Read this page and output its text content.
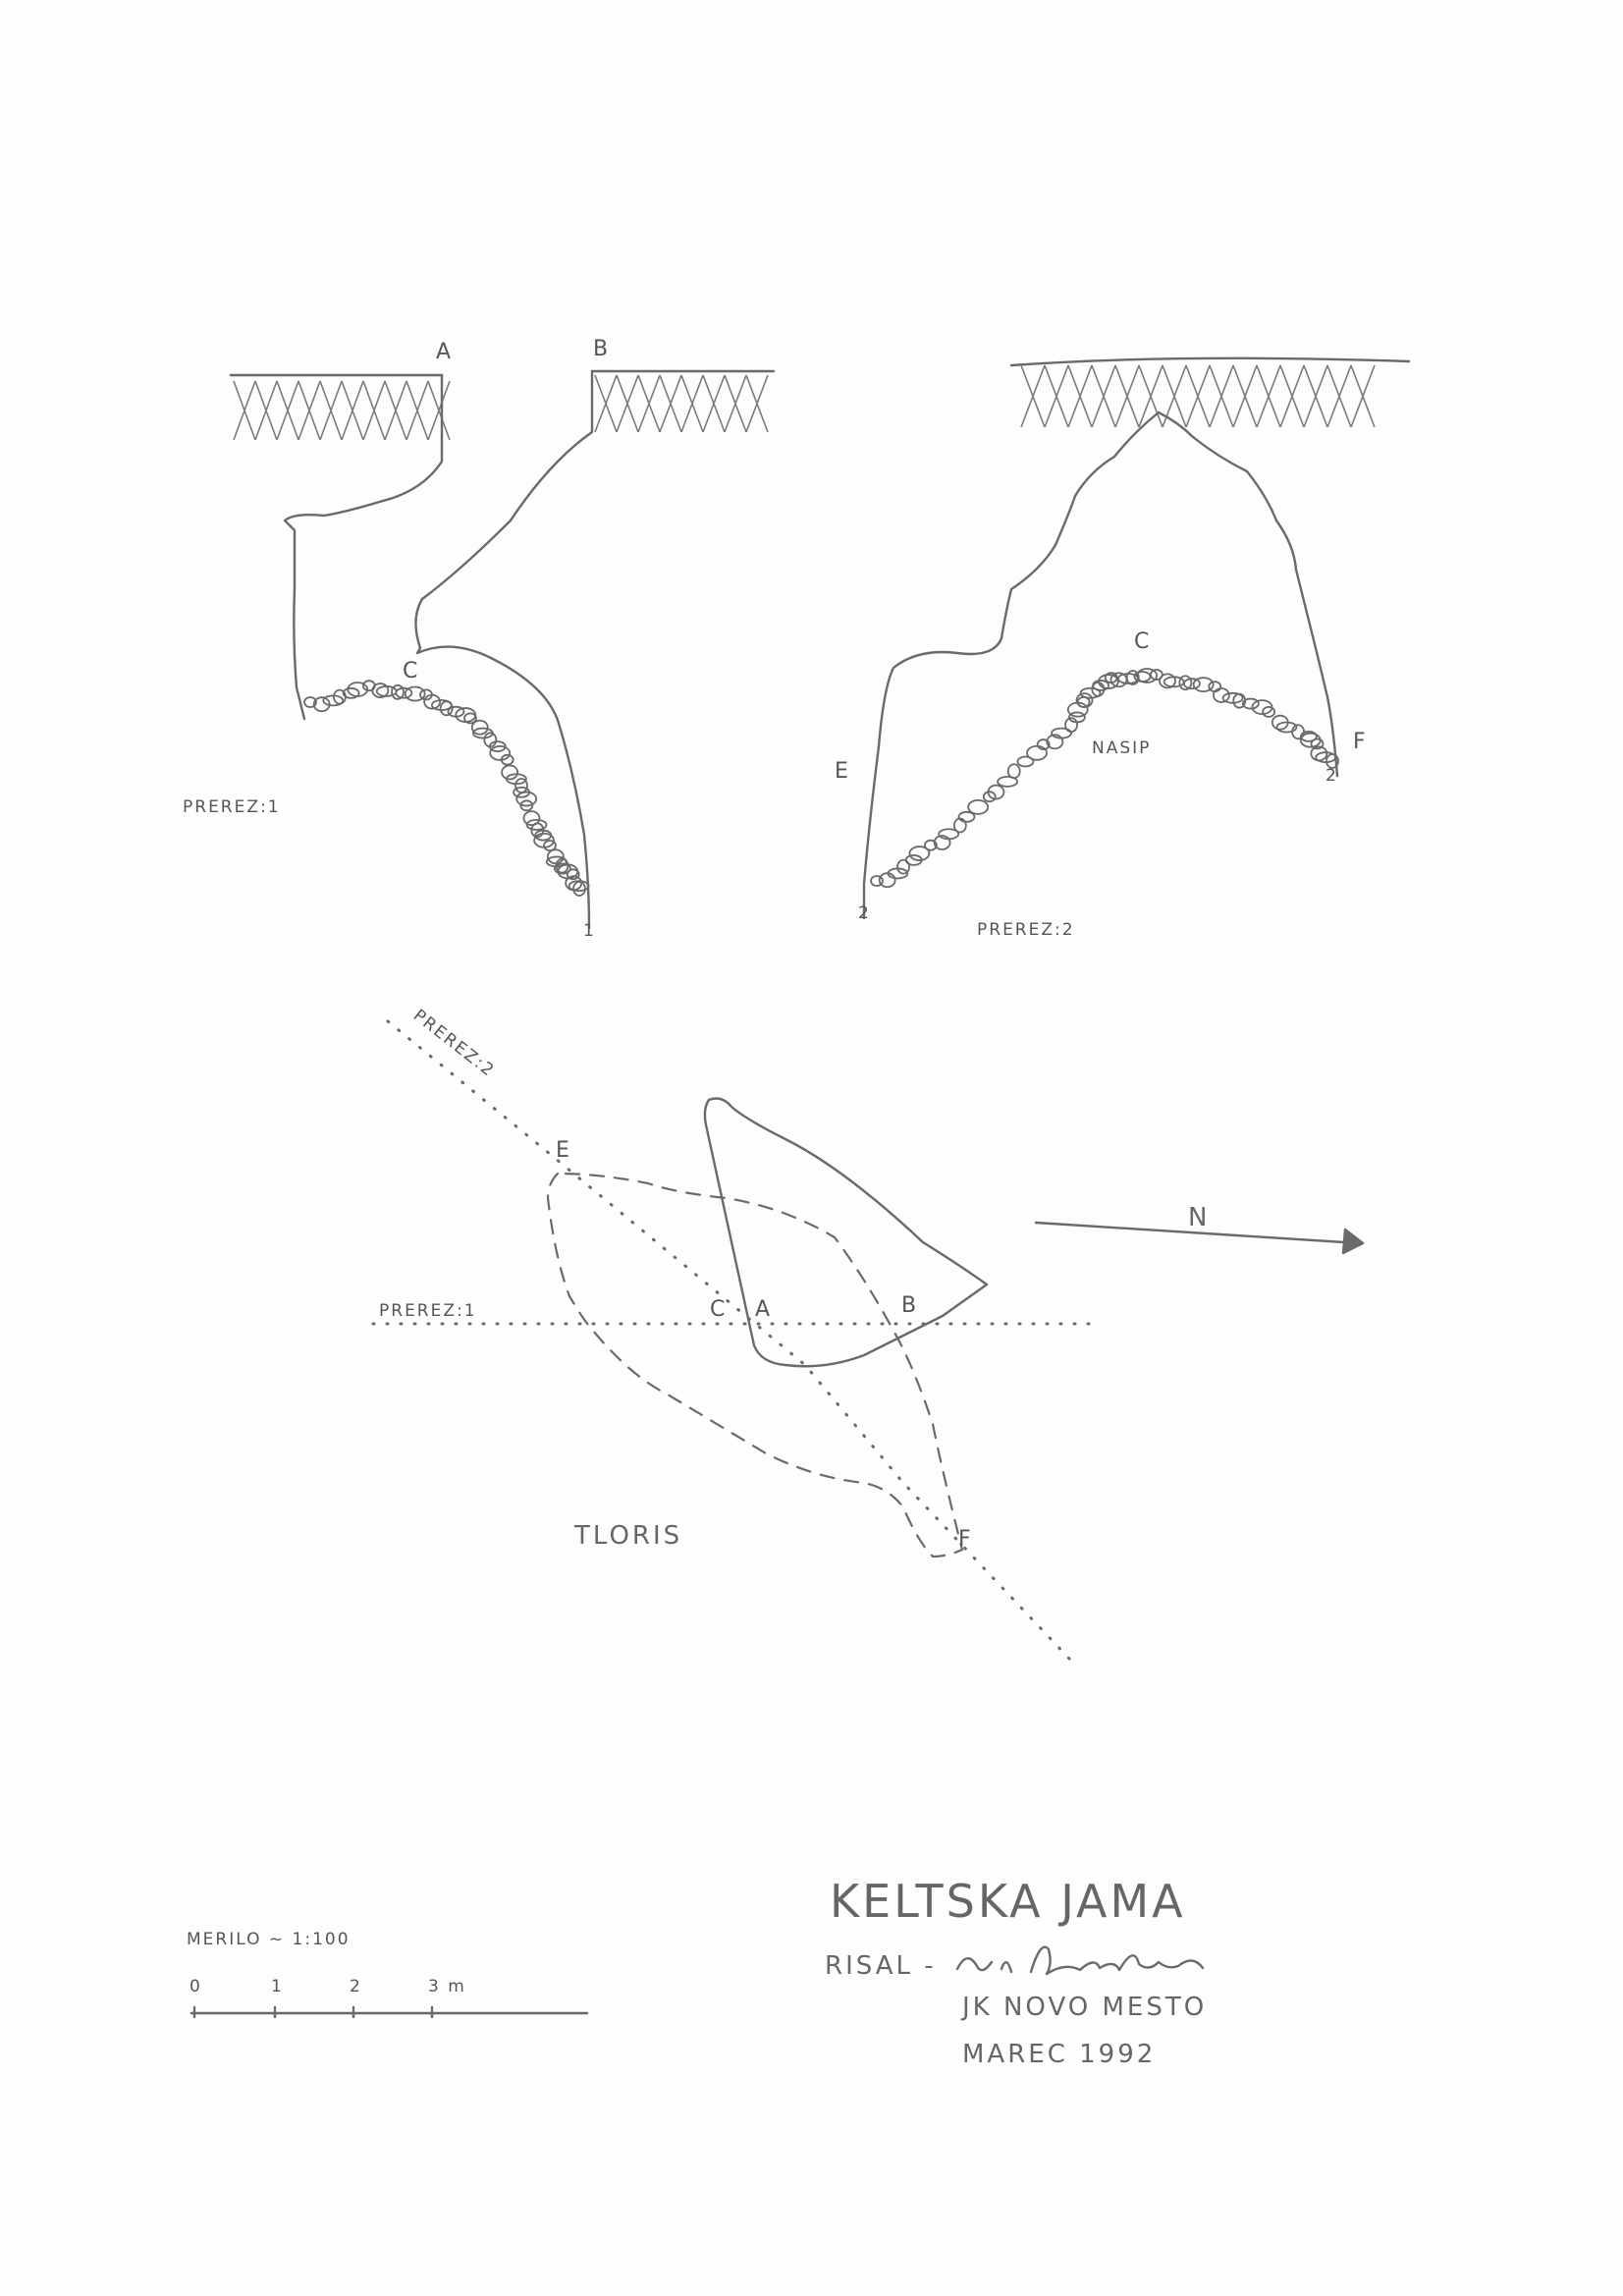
A	B
C
1
PREREZ:1
C
E
F
NASIP
2
2
PREREZ:2
PREREZ:2
PREREZ:1
E
C A	B
F
TLORIS
N
MERILO ~ 1:100
0	1	2	3 m
KELTSKA JAMA
RISAL -
JK NOVO MESTO
MAREC 1992
